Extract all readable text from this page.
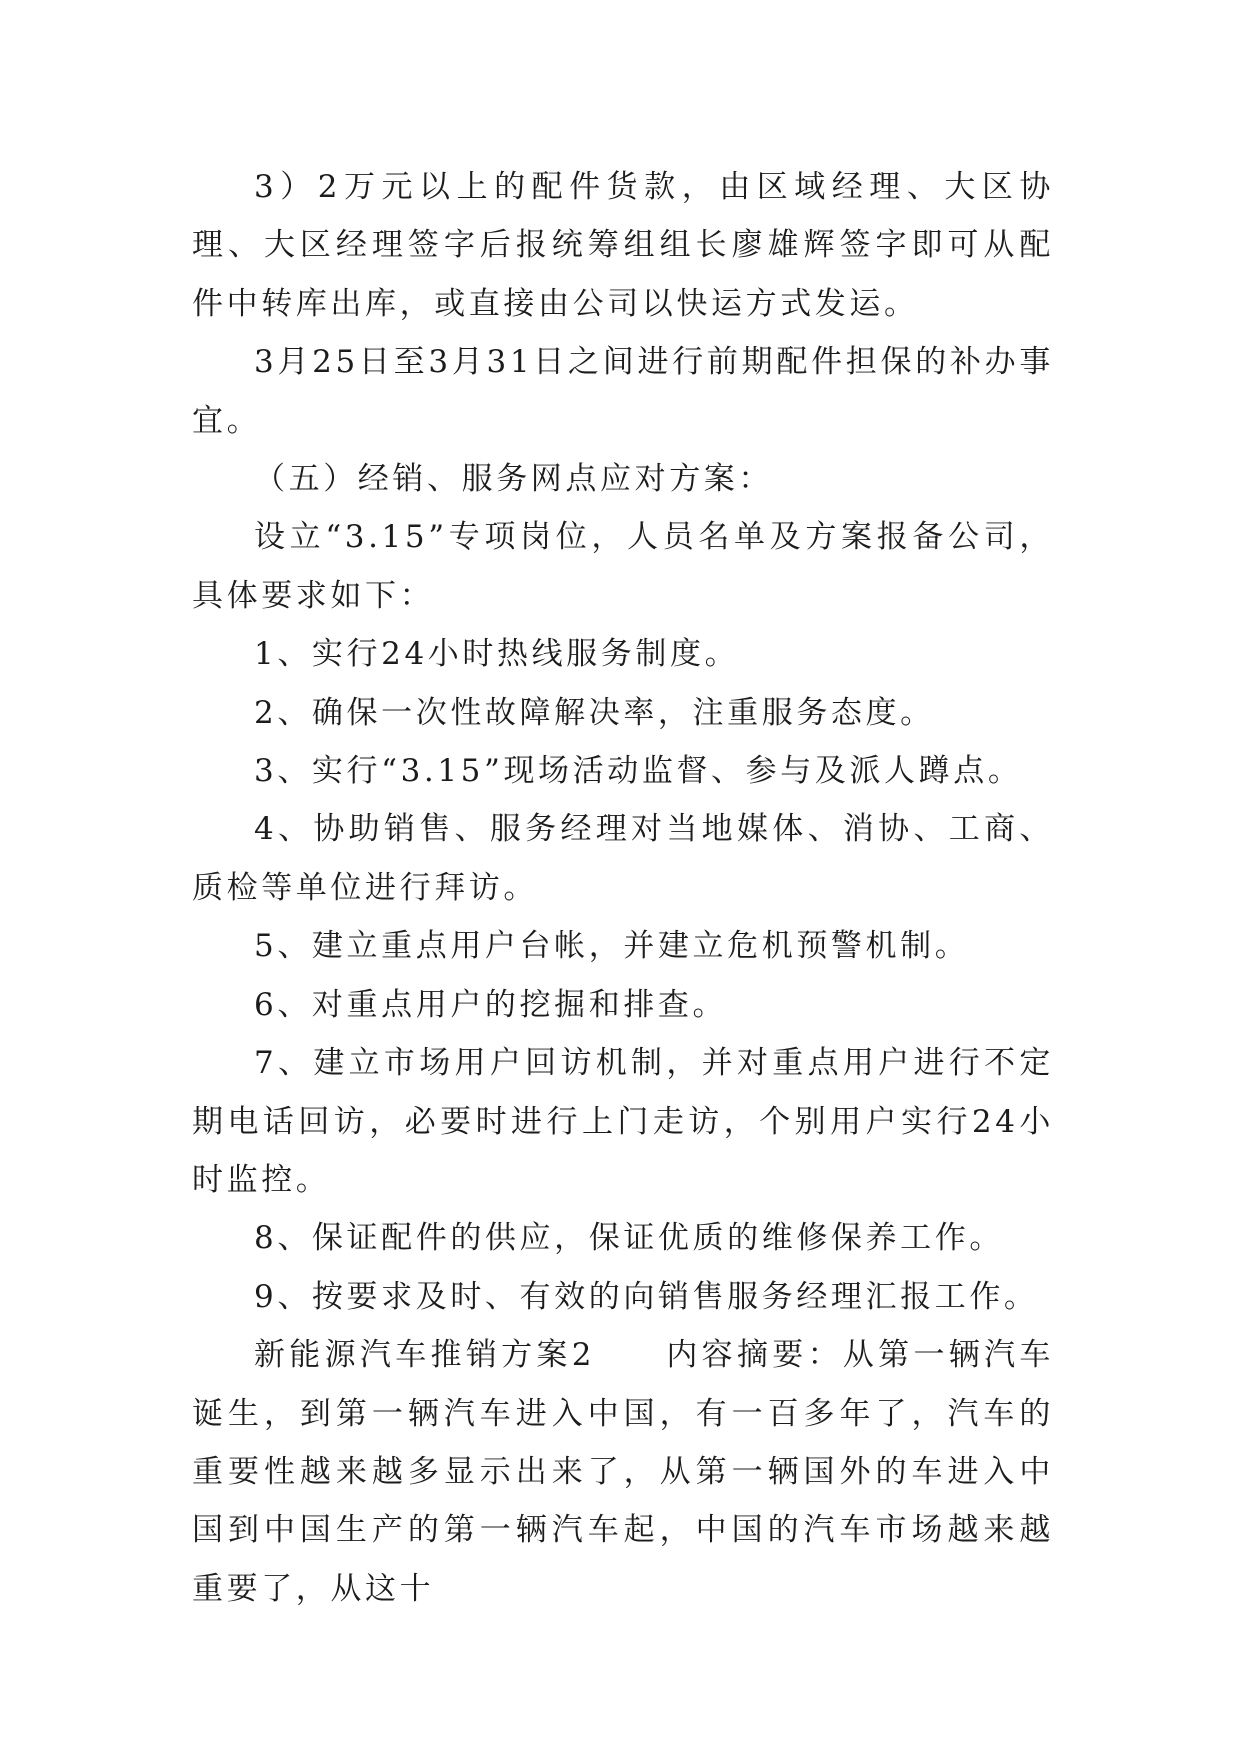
3）2万元以上的配件货款，由区域经理、大区协理、大区经理签字后报统筹组组长廖雄辉签字即可从配件中转库出库，或直接由公司以快运方式发运。

3月25日至3月31日之间进行前期配件担保的补办事宜。

（五）经销、服务网点应对方案：

设立“3.15”专项岗位，人员名单及方案报备公司，具体要求如下：

1、实行24小时热线服务制度。

2、确保一次性故障解决率，注重服务态度。

3、实行“3.15”现场活动监督、参与及派人蹲点。

4、协助销售、服务经理对当地媒体、消协、工商、质检等单位进行拜访。

5、建立重点用户台帐，并建立危机预警机制。

6、对重点用户的挖掘和排查。

7、建立市场用户回访机制，并对重点用户进行不定期电话回访，必要时进行上门走访，个别用户实行24小时监控。

8、保证配件的供应，保证优质的维修保养工作。

9、按要求及时、有效的向销售服务经理汇报工作。

新能源汽车推销方案2　　内容摘要：从第一辆汽车诞生，到第一辆汽车进入中国，有一百多年了，汽车的重要性越来越多显示出来了，从第一辆国外的车进入中国到中国生产的第一辆汽车起，中国的汽车市场越来越重要了，从这十
